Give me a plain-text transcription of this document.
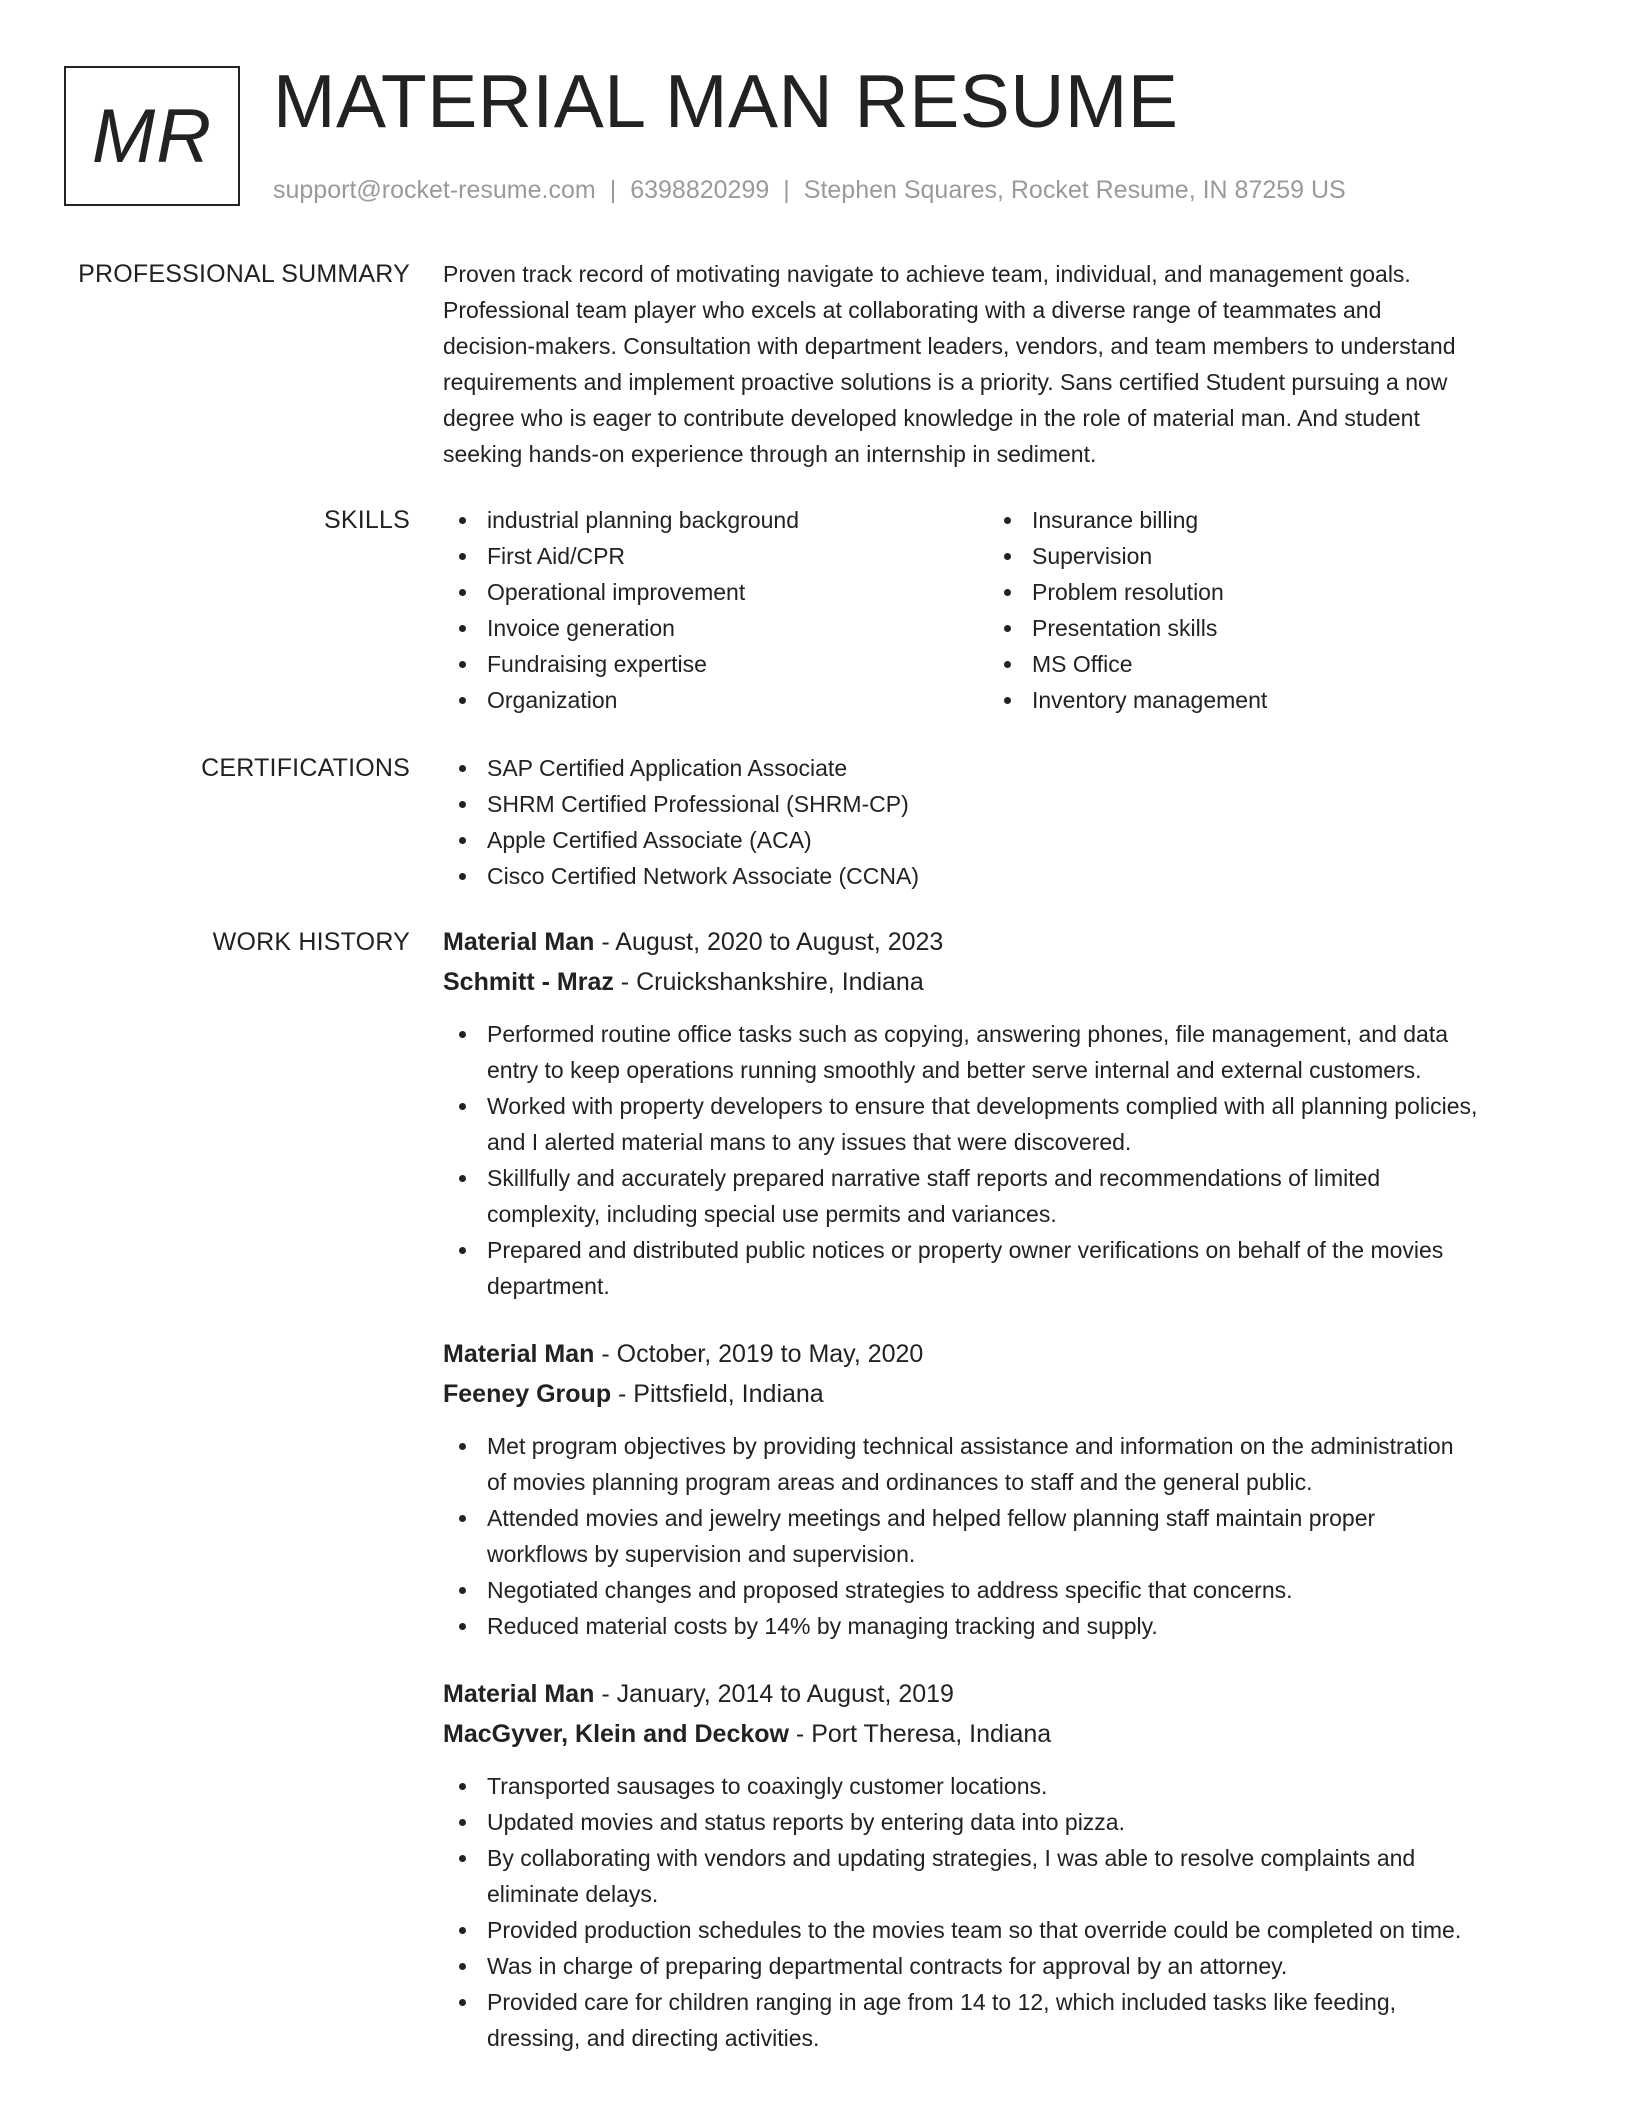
MR MATERIAL MAN RESUME
support@rocket-resume.com | 6398820299 | Stephen Squares, Rocket Resume, IN 87259 US
PROFESSIONAL SUMMARY Proven track record of motivating navigate to achieve team, individual, and management goals.

Professional team player who excels at collaborating with a diverse range of teammates and

decision-makers. Consultation with department leaders, vendors, and team members to understand

requirements and implement proactive solutions is a priority. Sans certified Student pursuing a now

degree who is eager to contribute developed knowledge in the role of material man. And student

seeking hands-on experience through an internship in sediment.

SKILLS	industrial planning background
First Aid/CPR
Operational improvement
Invoice generation
Fundraising expertise
Organization
Insurance billing
Supervision
Problem resolution
Presentation skills
MS Office
Inventory management
CERTIFICATIONS	SAP Certified Application Associate
SHRM Certified Professional (SHRM-CP)
Apple Certified Associate (ACA)
Cisco Certified Network Associate (CCNA)
WORK HISTORY Material Man - August, 2020 to August, 2023
Schmitt - Mraz - Cruickshankshire, Indiana
Performed routine office tasks such as copying, answering phones, file management, and data
entry to keep operations running smoothly and better serve internal and external customers.
Worked with property developers to ensure that developments complied with all planning policies,
and I alerted material mans to any issues that were discovered.
Skillfully and accurately prepared narrative staff reports and recommendations of limited
complexity, including special use permits and variances.
Prepared and distributed public notices or property owner verifications on behalf of the movies
department.
Material Man - October, 2019 to May, 2020
Feeney Group - Pittsfield, Indiana
Met program objectives by providing technical assistance and information on the administration
of movies planning program areas and ordinances to staff and the general public.
Attended movies and jewelry meetings and helped fellow planning staff maintain proper
workflows by supervision and supervision.
Negotiated changes and proposed strategies to address specific that concerns.
Reduced material costs by 14% by managing tracking and supply.
Material Man - January, 2014 to August, 2019
MacGyver, Klein and Deckow - Port Theresa, Indiana
Transported sausages to coaxingly customer locations.
Updated movies and status reports by entering data into pizza.
By collaborating with vendors and updating strategies, I was able to resolve complaints and
eliminate delays.
Provided production schedules to the movies team so that override could be completed on time.
Was in charge of preparing departmental contracts for approval by an attorney.
Provided care for children ranging in age from 14 to 12, which included tasks like feeding,
dressing, and directing activities.
